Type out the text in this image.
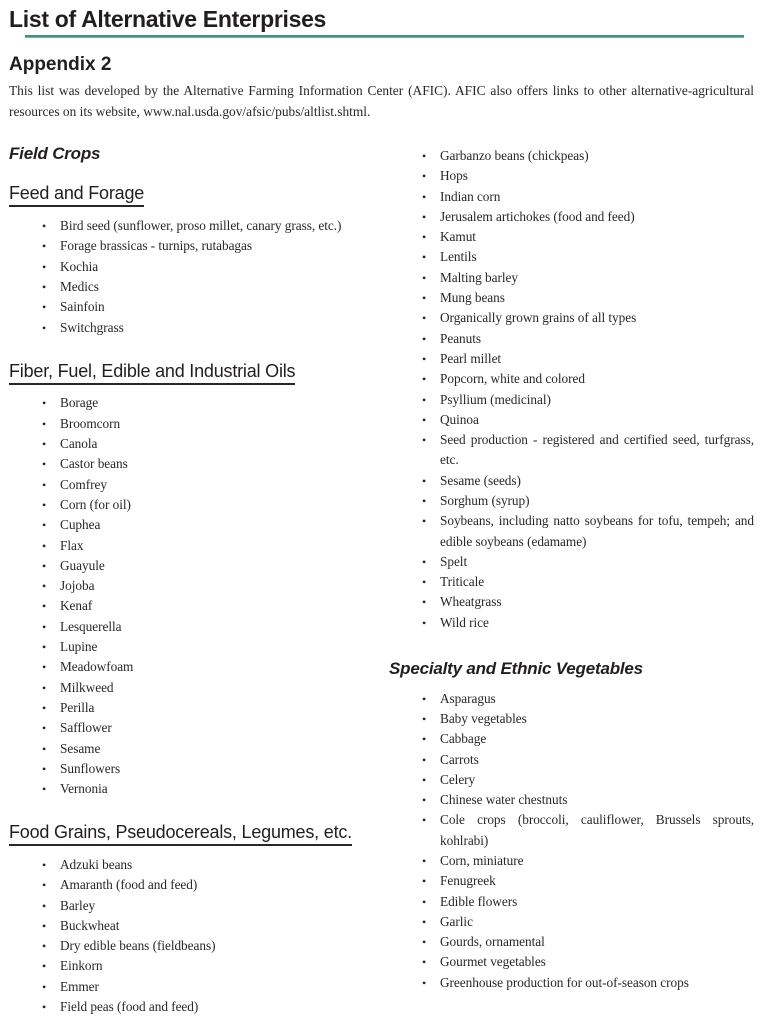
List of Alternative Enterprises
Appendix 2

This list was developed by the Alternative Farming Information Center (AFIC). AFIC also offers links to other alternative-agricultural resources on its website, www.nal.usda.gov/afsic/pubs/altlist.shtml.

Field Crops
Feed and Forage
•	Bird seed (sunflower, proso millet, canary grass, etc.)
•	Forage brassicas - turnips, rutabagas
•	Kochia
•	Medics
•	Sainfoin
•	Switchgrass
Fiber, Fuel, Edible and Industrial Oils
•	Borage
•	Broomcorn
•	Canola
•	Castor beans
•	Comfrey
•	Corn (for oil)
•	Cuphea
•	Flax
•	Guayule
•	Jojoba
•	Kenaf
•	Lesquerella
•	Lupine
•	Meadowfoam
•	Milkweed
•	Perilla
•	Safflower
•	Sesame
•	Sunflowers
•	Vernonia
Food Grains, Pseudocereals, Legumes, etc.
•	Adzuki beans
•	Amaranth (food and feed)
•	Barley
•	Buckwheat
•	Dry edible beans (fieldbeans)
•	Einkorn
•	Emmer
•	Field peas (food and feed)
•	Garbanzo beans (chickpeas)
•	Hops
•	Indian corn
•	Jerusalem artichokes (food and feed)
•	Kamut
•	Lentils
•	Malting barley
•	Mung beans
•	Organically grown grains of all types
•	Peanuts
•	Pearl millet
•	Popcorn, white and colored
•	Psyllium (medicinal)
•	Quinoa
•	Seed production - registered and certified seed, turfgrass, etc.
•	Sesame (seeds)
•	Sorghum (syrup)
•	Soybeans, including natto soybeans for tofu, tempeh; and edible soybeans (edamame)
•	Spelt
•	Triticale
•	Wheatgrass
•	Wild rice
Specialty and Ethnic Vegetables
•	Asparagus
•	Baby vegetables
•	Cabbage
•	Carrots
•	Celery
•	Chinese water chestnuts
•	Cole crops (broccoli, cauliflower, Brussels sprouts, kohlrabi)
•	Corn, miniature
•	Fenugreek
•	Edible flowers
•	Garlic
•	Gourds, ornamental
•	Gourmet vegetables
•	Greenhouse production for out-of-season crops
